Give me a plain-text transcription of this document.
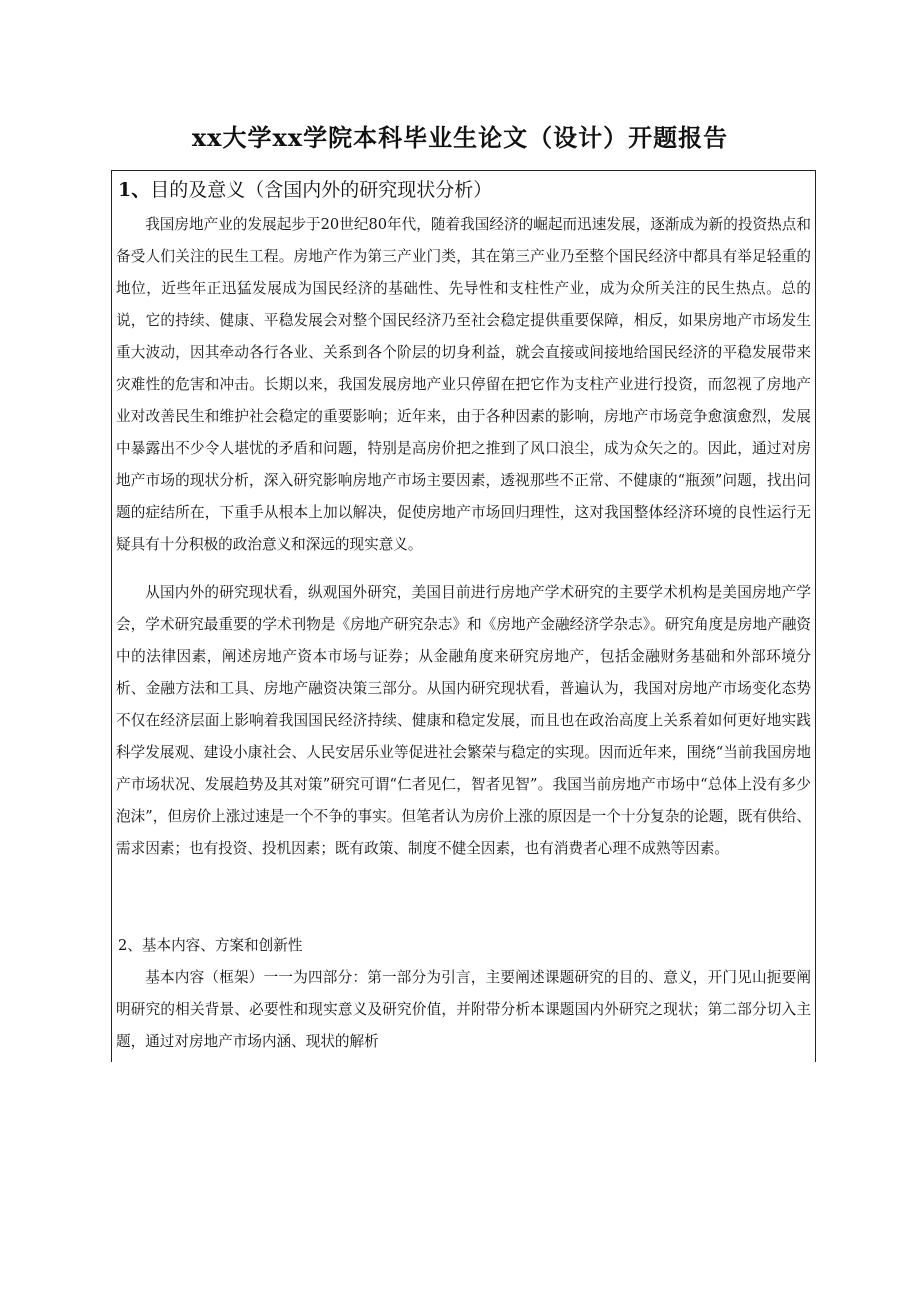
xx大学xx学院本科毕业生论文（设计）开题报告
1、目的及意义（含国内外的研究现状分析）

我国房地产业的发展起步于20世纪80年代，随着我国经济的崛起而迅速发展，逐渐成为新的投资热点和备受人们关注的民生工程。房地产作为第三产业门类，其在第三产业乃至整个国民经济中都具有举足轻重的地位，近些年正迅猛发展成为国民经济的基础性、先导性和支柱性产业，成为众所关注的民生热点。总的说，它的持续、健康、平稳发展会对整个国民经济乃至社会稳定提供重要保障，相反，如果房地产市场发生重大波动，因其牵动各行各业、关系到各个阶层的切身利益，就会直接或间接地给国民经济的平稳发展带来灾难性的危害和冲击。长期以来，我国发展房地产业只停留在把它作为支柱产业进行投资，而忽视了房地产业对改善民生和维护社会稳定的重要影响；近年来，由于各种因素的影响，房地产市场竞争愈演愈烈，发展中暴露出不少令人堪忧的矛盾和问题，特别是高房价把之推到了风口浪尘，成为众矢之的。因此，通过对房地产市场的现状分析，深入研究影响房地产市场主要因素，透视那些不正常、不健康的“瓶颈”问题，找出问题的症结所在，下重手从根本上加以解决，促使房地产市场回归理性，这对我国整体经济环境的良性运行无疑具有十分积极的政治意义和深远的现实意义。

从国内外的研究现状看，纵观国外研究，美国目前进行房地产学术研究的主要学术机构是美国房地产学会，学术研究最重要的学术刊物是《房地产研究杂志》和《房地产金融经济学杂志》。研究角度是房地产融资中的法律因素，阐述房地产资本市场与证券；从金融角度来研究房地产，包括金融财务基础和外部环境分析、金融方法和工具、房地产融资决策三部分。从国内研究现状看，普遍认为，我国对房地产市场变化态势不仅在经济层面上影响着我国国民经济持续、健康和稳定发展，而且也在政治高度上关系着如何更好地实践科学发展观、建设小康社会、人民安居乐业等促进社会繁荣与稳定的实现。因而近年来，围绕“当前我国房地产市场状况、发展趋势及其对策”研究可谓“仁者见仁，智者见智”。我国当前房地产市场中“总体上没有多少泡沫”，但房价上涨过速是一个不争的事实。但笔者认为房价上涨的原因是一个十分复杂的论题，既有供给、需求因素；也有投资、投机因素；既有政策、制度不健全因素，也有消费者心理不成熟等因素。

2、基本内容、方案和创新性

基本内容（框架）一一为四部分：第一部分为引言，主要阐述课题研究的目的、意义，开门见山扼要阐明研究的相关背景、必要性和现实意义及研究价值，并附带分析本课题国内外研究之现状；第二部分切入主题，通过对房地产市场内涵、现状的解析
